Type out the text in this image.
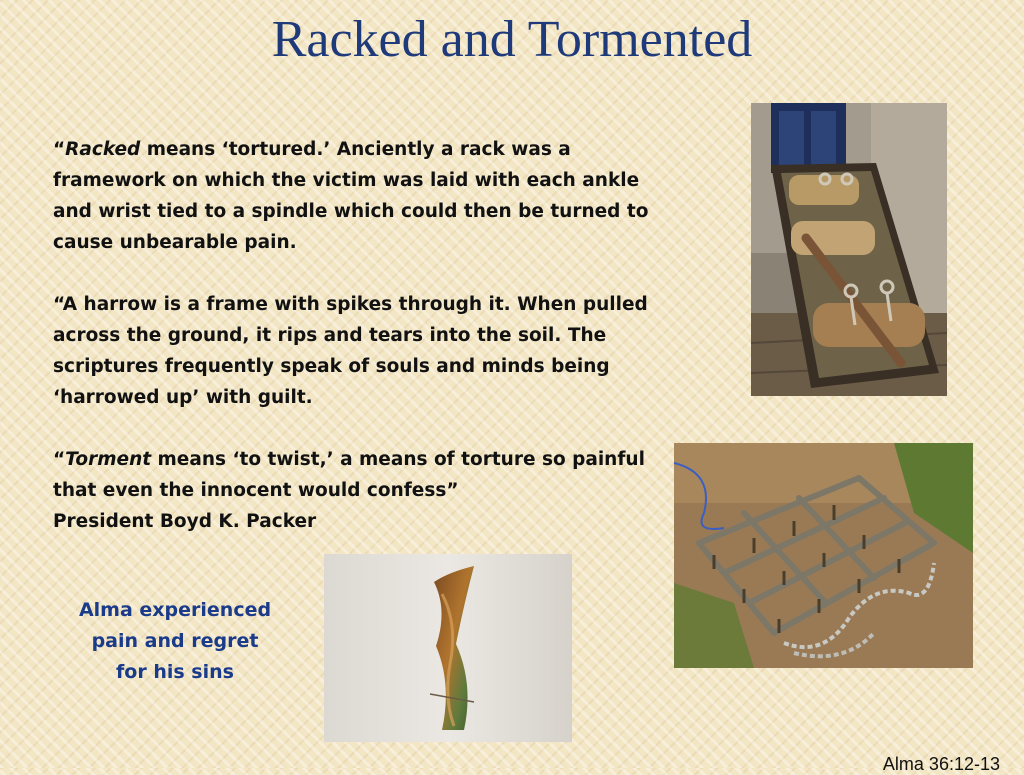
Racked and Tormented

“Racked means ‘tortured.’ Anciently a rack was a framework on which the victim was laid with each ankle and wrist tied to a spindle which could then be turned to cause unbearable pain.

“A harrow is a frame with spikes through it. When pulled across the ground, it rips and tears into the soil. The scriptures frequently speak of souls and minds being ‘harrowed up’ with guilt.

“Torment means ‘to twist,’ a means of torture so painful that even the innocent would confess”

President Boyd K. Packer

Alma experienced
pain and regret
for his sins
Alma 36:12-13
